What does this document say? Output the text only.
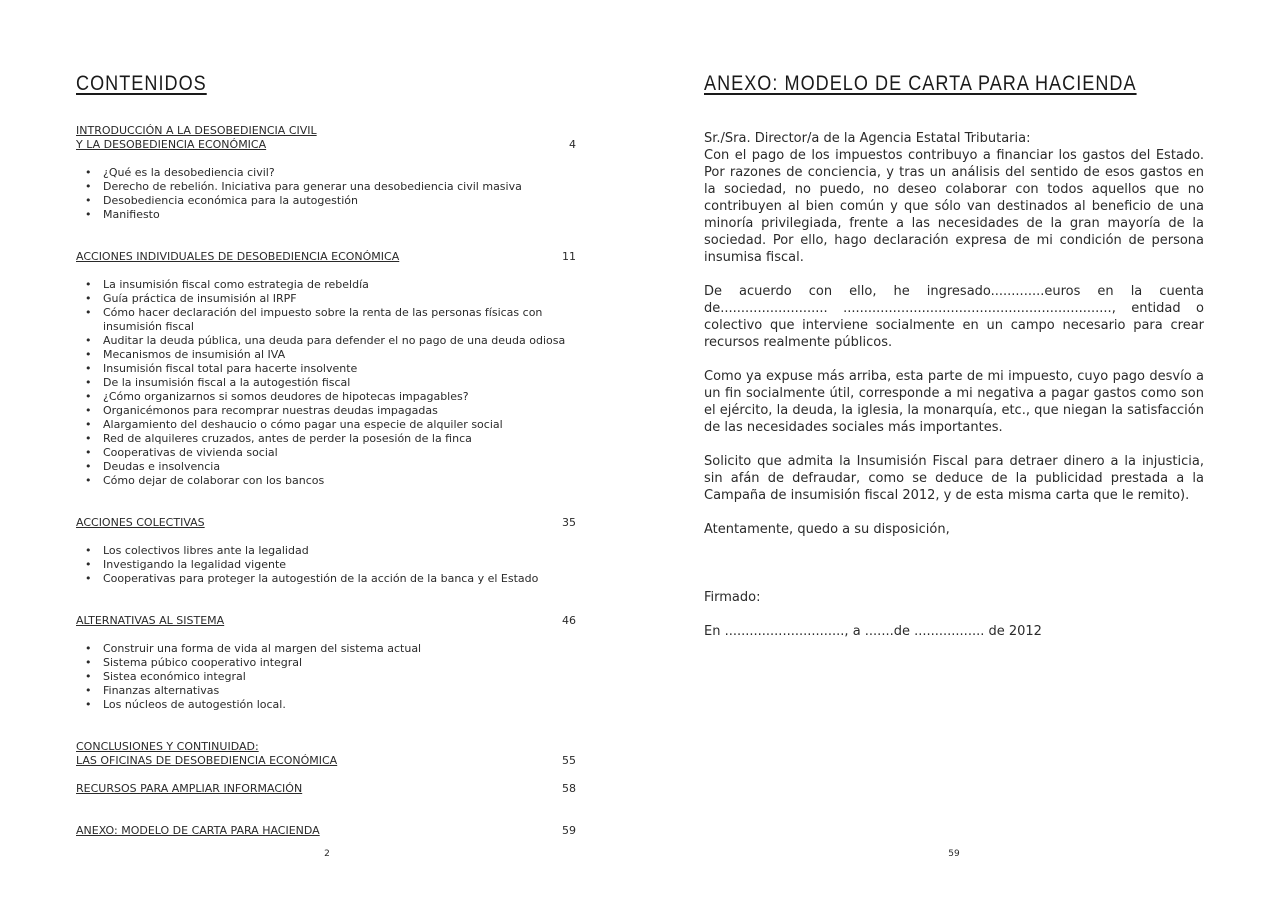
CONTENIDOS
INTRODUCCIÓN A LA DESOBEDIENCIA CIVIL
Y LA DESOBEDIENCIA ECONÓMICA	4
• ¿Qué es la desobediencia civil?
• Derecho de rebelión. Iniciativa para generar una desobediencia civil masiva
• Desobediencia económica para la autogestión
• Manifiesto
ACCIONES INDIVIDUALES DE DESOBEDIENCIA ECONÓMICA	11
• La insumisión fiscal como estrategia de rebeldía
• Guía práctica de insumisión al IRPF
• Cómo hacer declaración del impuesto sobre la renta de las personas físicas con insumisión fiscal
• Auditar la deuda pública, una deuda para defender el no pago de una deuda odiosa
• Mecanismos de insumisión al IVA
• Insumisión fiscal total para hacerte insolvente
• De la insumisión fiscal a la autogestión fiscal
• ¿Cómo organizarnos si somos deudores de hipotecas impagables?
• Organicémonos para recomprar nuestras deudas impagadas
• Alargamiento del deshaucio o cómo pagar una especie de alquiler social
• Red de alquileres cruzados, antes de perder la posesión de la finca
• Cooperativas de vivienda social
• Deudas e insolvencia
• Cómo dejar de colaborar con los bancos
ACCIONES COLECTIVAS	35
• Los colectivos libres ante la legalidad
• Investigando la legalidad vigente
• Cooperativas para proteger la autogestión de la acción de la banca y el Estado
ALTERNATIVAS AL SISTEMA	46
• Construir una forma de vida al margen del sistema actual
• Sistema púbico cooperativo integral
• Sistea económico integral
• Finanzas alternativas
• Los núcleos de autogestión local.
CONCLUSIONES Y CONTINUIDAD:
LAS OFICINAS DE DESOBEDIENCIA ECONÓMICA	55
RECURSOS PARA AMPLIAR INFORMACIÓN	58
ANEXO: MODELO DE CARTA PARA HACIENDA	59
2
ANEXO: MODELO DE CARTA PARA HACIENDA

Sr./Sra. Director/a de la Agencia Estatal Tributaria:

Con el pago de los impuestos contribuyo a financiar los gastos del Estado. Por razones de conciencia, y tras un análisis del sentido de esos gastos en la sociedad, no puedo, no deseo colaborar con todos aquellos que no contribuyen al bien común y que sólo van destinados al beneficio de una minoría privilegiada, frente a las necesidades de la gran mayoría de la sociedad. Por ello, hago declaración expresa de mi condición de persona insumisa fiscal.

De acuerdo con ello, he ingresado.............euros en la cuenta de.......................... ................................................................., entidad o colectivo que interviene socialmente en un campo necesario para crear recursos realmente públicos.

Como ya expuse más arriba, esta parte de mi impuesto, cuyo pago desvío a un fin socialmente útil, corresponde a mi negativa a pagar gastos como son el ejército, la deuda, la iglesia, la monarquía, etc., que niegan la satisfacción de las necesidades sociales más importantes.

Solicito que admita la Insumisión Fiscal para detraer dinero a la injusticia, sin afán de defraudar, como se deduce de la publicidad prestada a la Campaña de insumisión fiscal 2012, y de esta misma carta que le remito).

Atentamente, quedo a su disposición,

Firmado:

En ............................., a .......de ................. de 2012

59
